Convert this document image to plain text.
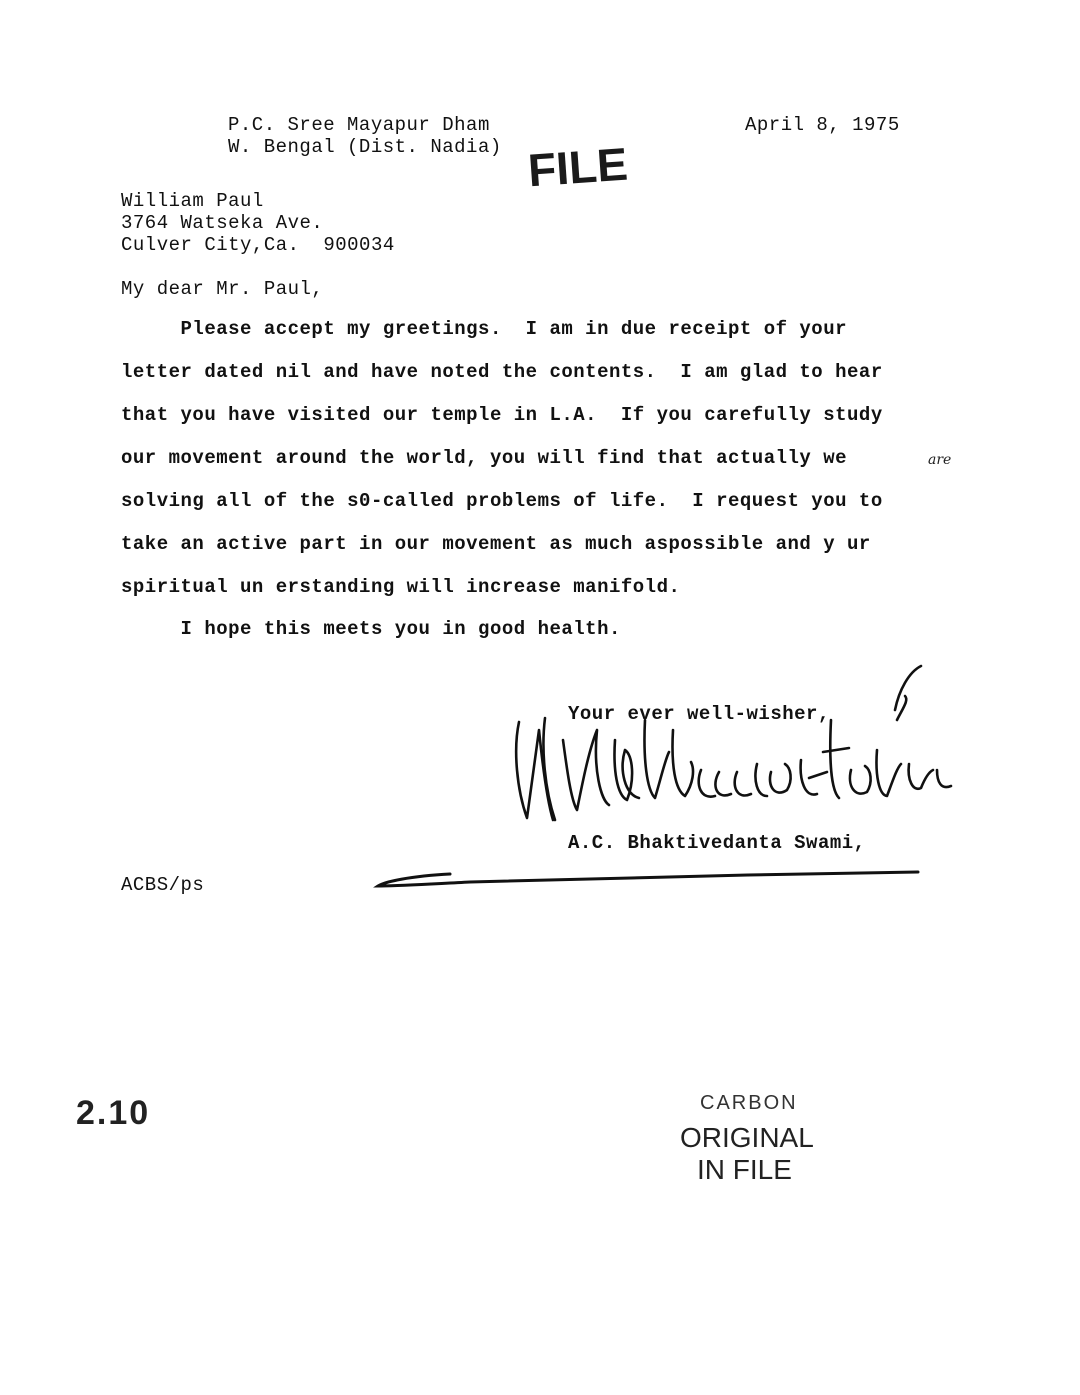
P.C. Sree Mayapur Dham
W. Bengal (Dist. Nadia)
April 8, 1975
FILE
William Paul
3764 Watseka Ave.
Culver City,Ca.  900034
My dear Mr. Paul,
Please accept my greetings.  I am in due receipt of your
letter dated nil and have noted the contents.  I am glad to hear
that you have visited our temple in L.A.  If you carefully study
our movement around the world, you will find that actually we	are
solving all of the s0-called problems of life.  I request you to
take an active part in our movement as much aspossible and y ur
spiritual un erstanding will increase manifold.
I hope this meets you in good health.
Your ever well-wisher,
A.C. Bhaktivedanta Swami,
ACBS/ps
2.10	CARBON
ORIGINAL
IN FILE
